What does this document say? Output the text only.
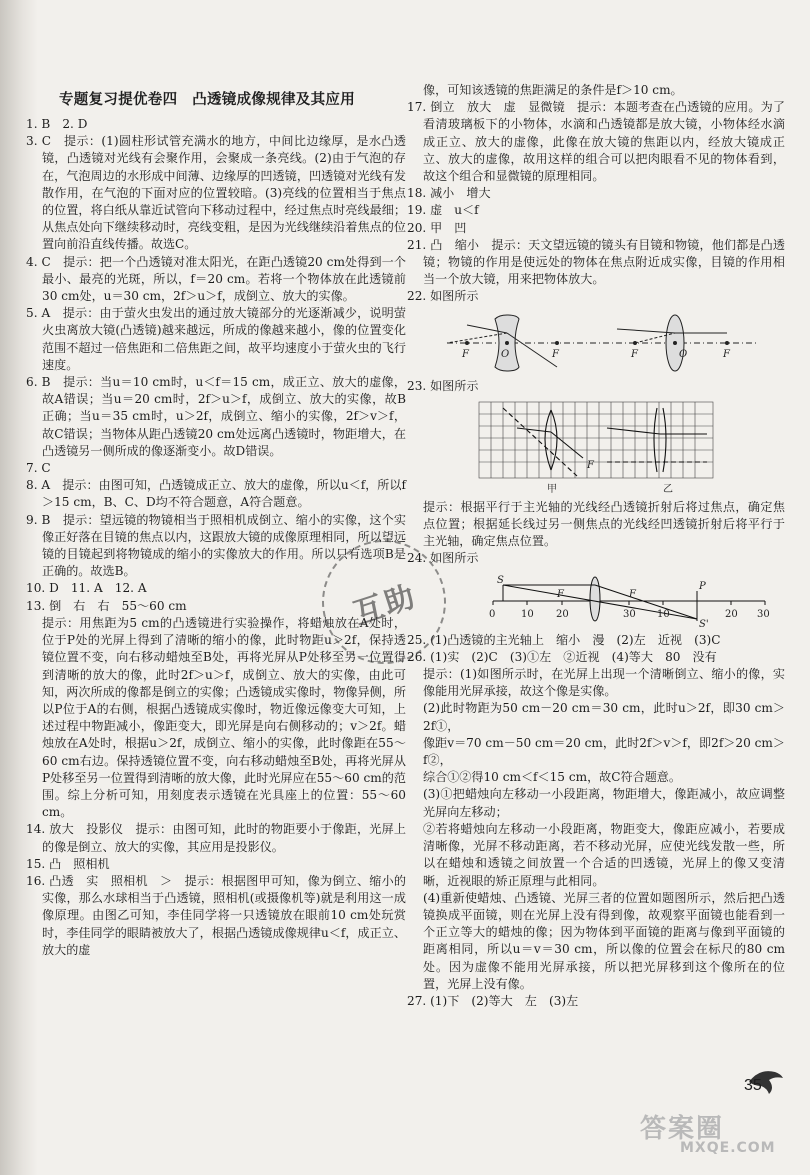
专题复习提优卷四　凸透镜成像规律及其应用

1. B　2. D

3. C　提示：(1)圆柱形试管充满水的地方，中间比边缘厚，是水凸透镜，凸透镜对光线有会聚作用，会聚成一条亮线。(2)由于气泡的存在，气泡周边的水形成中间薄、边缘厚的凹透镜，凹透镜对光线有发散作用，在气泡的下面对应的位置较暗。(3)亮线的位置相当于焦点的位置，将白纸从靠近试管向下移动过程中，经过焦点时亮线最细；从焦点处向下继续移动时，亮线变粗，是因为光线继续沿着焦点的位置向前沿直线传播。故选C。

4. C　提示：把一个凸透镜对准太阳光，在距凸透镜20 cm处得到一个最小、最亮的光斑，所以，f＝20 cm。若将一个物体放在此透镜前30 cm处，u＝30 cm，2f＞u＞f，成倒立、放大的实像。

5. A　提示：由于萤火虫发出的通过放大镜部分的光逐渐减少，说明萤火虫离放大镜(凸透镜)越来越远，所成的像越来越小，像的位置变化范围不超过一倍焦距和二倍焦距之间，故平均速度小于萤火虫的飞行速度。

6. B　提示：当u＝10 cm时，u＜f＝15 cm，成正立、放大的虚像，故A错误；当u＝20 cm时，2f＞u＞f，成倒立、放大的实像，故B正确；当u＝35 cm时，u＞2f，成倒立、缩小的实像，2f＞v＞f，故C错误；当物体从距凸透镜20 cm处远离凸透镜时，物距增大，在凸透镜另一侧所成的像逐渐变小。故D错误。

7. C

8. A　提示：由图可知，凸透镜成正立、放大的虚像，所以u＜f，所以f＞15 cm，B、C、D均不符合题意，A符合题意。

9. B　提示：望远镜的物镜相当于照相机成倒立、缩小的实像，这个实像正好落在目镜的焦点以内，这跟放大镜的成像原理相同，所以望远镜的目镜起到将物镜成的缩小的实像放大的作用。所以只有选项B是正确的。故选B。

10. D　11. A　12. A

13. 倒　右　右　55～60 cm

提示：用焦距为5 cm的凸透镜进行实验操作，将蜡烛放在A处时，位于P处的光屏上得到了清晰的缩小的像，此时物距u＞2f，保持透镜位置不变，向右移动蜡烛至B处，再将光屏从P处移至另一位置得到清晰的放大的像，此时2f＞u＞f，成倒立、放大的实像，由此可知，两次所成的像都是倒立的实像；凸透镜成实像时，物像异侧，所以P位于A的右侧，根据凸透镜成实像时，物近像远像变大可知，上述过程中物距减小，像距变大，即光屏是向右侧移动的；v＞2f。蜡烛放在A处时，根据u＞2f，成倒立、缩小的实像，此时像距在55～60 cm右边。保持透镜位置不变，向右移动蜡烛至B处，再将光屏从P处移至另一位置得到清晰的放大像，此时光屏应在55～60 cm的范围。综上分析可知，用刻度表示透镜在光具座上的位置：55～60 cm。

14. 放大　投影仪　提示：由图可知，此时的物距要小于像距，光屏上的像是倒立、放大的实像，其应用是投影仪。

15. 凸　照相机

16. 凸透　实　照相机　＞　提示：根据图甲可知，像为倒立、缩小的实像，那么水球相当于凸透镜，照相机(或摄像机等)就是利用这一成像原理。由图乙可知，李佳同学将一只透镜放在眼前10 cm处玩赏时，李佳同学的眼睛被放大了，根据凸透镜成像规律u＜f，成正立、放大的虚

像，可知该透镜的焦距满足的条件是f＞10 cm。

17. 倒立　放大　虚　显微镜　提示：本题考查在凸透镜的应用。为了看清玻璃板下的小物体，水滴和凸透镜都是放大镜，小物体经水滴成正立、放大的虚像，此像在放大镜的焦距以内，经放大镜成正立、放大的虚像，故用这样的组合可以把肉眼看不见的物体看到，故这个组合和显微镜的原理相同。

18. 减小　增大

19. 虚　u＜f

20. 甲　凹

21. 凸　缩小　提示：天文望远镜的镜头有目镜和物镜，他们都是凸透镜；物镜的作用是使远处的物体在焦点附近成实像，目镜的作用相当一个放大镜，用来把物体放大。

22. 如图所示

F	O	F	F	O	F

23. 如图所示

甲	乙
F

提示：根据平行于主光轴的光线经凸透镜折射后将过焦点，确定焦点位置；根据延长线过另一侧焦点的光线经凹透镜折射后将平行于主光轴，确定焦点位置。

24. 如图所示

S
P
S'
F	F
0	10 20	30 10	20 30

25. (1)凸透镜的主光轴上　缩小　漫　(2)左　近视　(3)C

26. (1)实　(2)C　(3)①左　②近视　(4)等大　80　没有

提示：(1)如图所示时，在光屏上出现一个清晰倒立、缩小的像，实像能用光屏承接，故这个像是实像。

(2)此时物距为50 cm－20 cm＝30 cm，此时u＞2f，即30 cm＞2f①，

像距v＝70 cm－50 cm＝20 cm，此时2f＞v＞f，即2f＞20 cm＞f②，

综合①②得10 cm＜f＜15 cm，故C符合题意。

(3)①把蜡烛向左移动一小段距离，物距增大，像距减小，故应调整光屏向左移动；

②若将蜡烛向左移动一小段距离，物距变大，像距应减小，若要成清晰像，光屏不移动距离，若不移动光屏，应使光线发散一些，所以在蜡烛和透镜之间放置一个合适的凹透镜，光屏上的像又变清晰，近视眼的矫正原理与此相同。

(4)重新使蜡烛、凸透镜、光屏三者的位置如题图所示，然后把凸透镜换成平面镜，则在光屏上没有得到像，故观察平面镜也能看到一个正立等大的蜡烛的像；因为物体到平面镜的距离与像到平面镜的距离相同，所以u＝v＝30 cm，所以像的位置会在标尺的80 cm处。因为虚像不能用光屏承接，所以把光屏移到这个像所在的位置，光屏上没有像。

27. (1)下　(2)等大　左　(3)左

互助
35
答案圈
MXQE.COM
